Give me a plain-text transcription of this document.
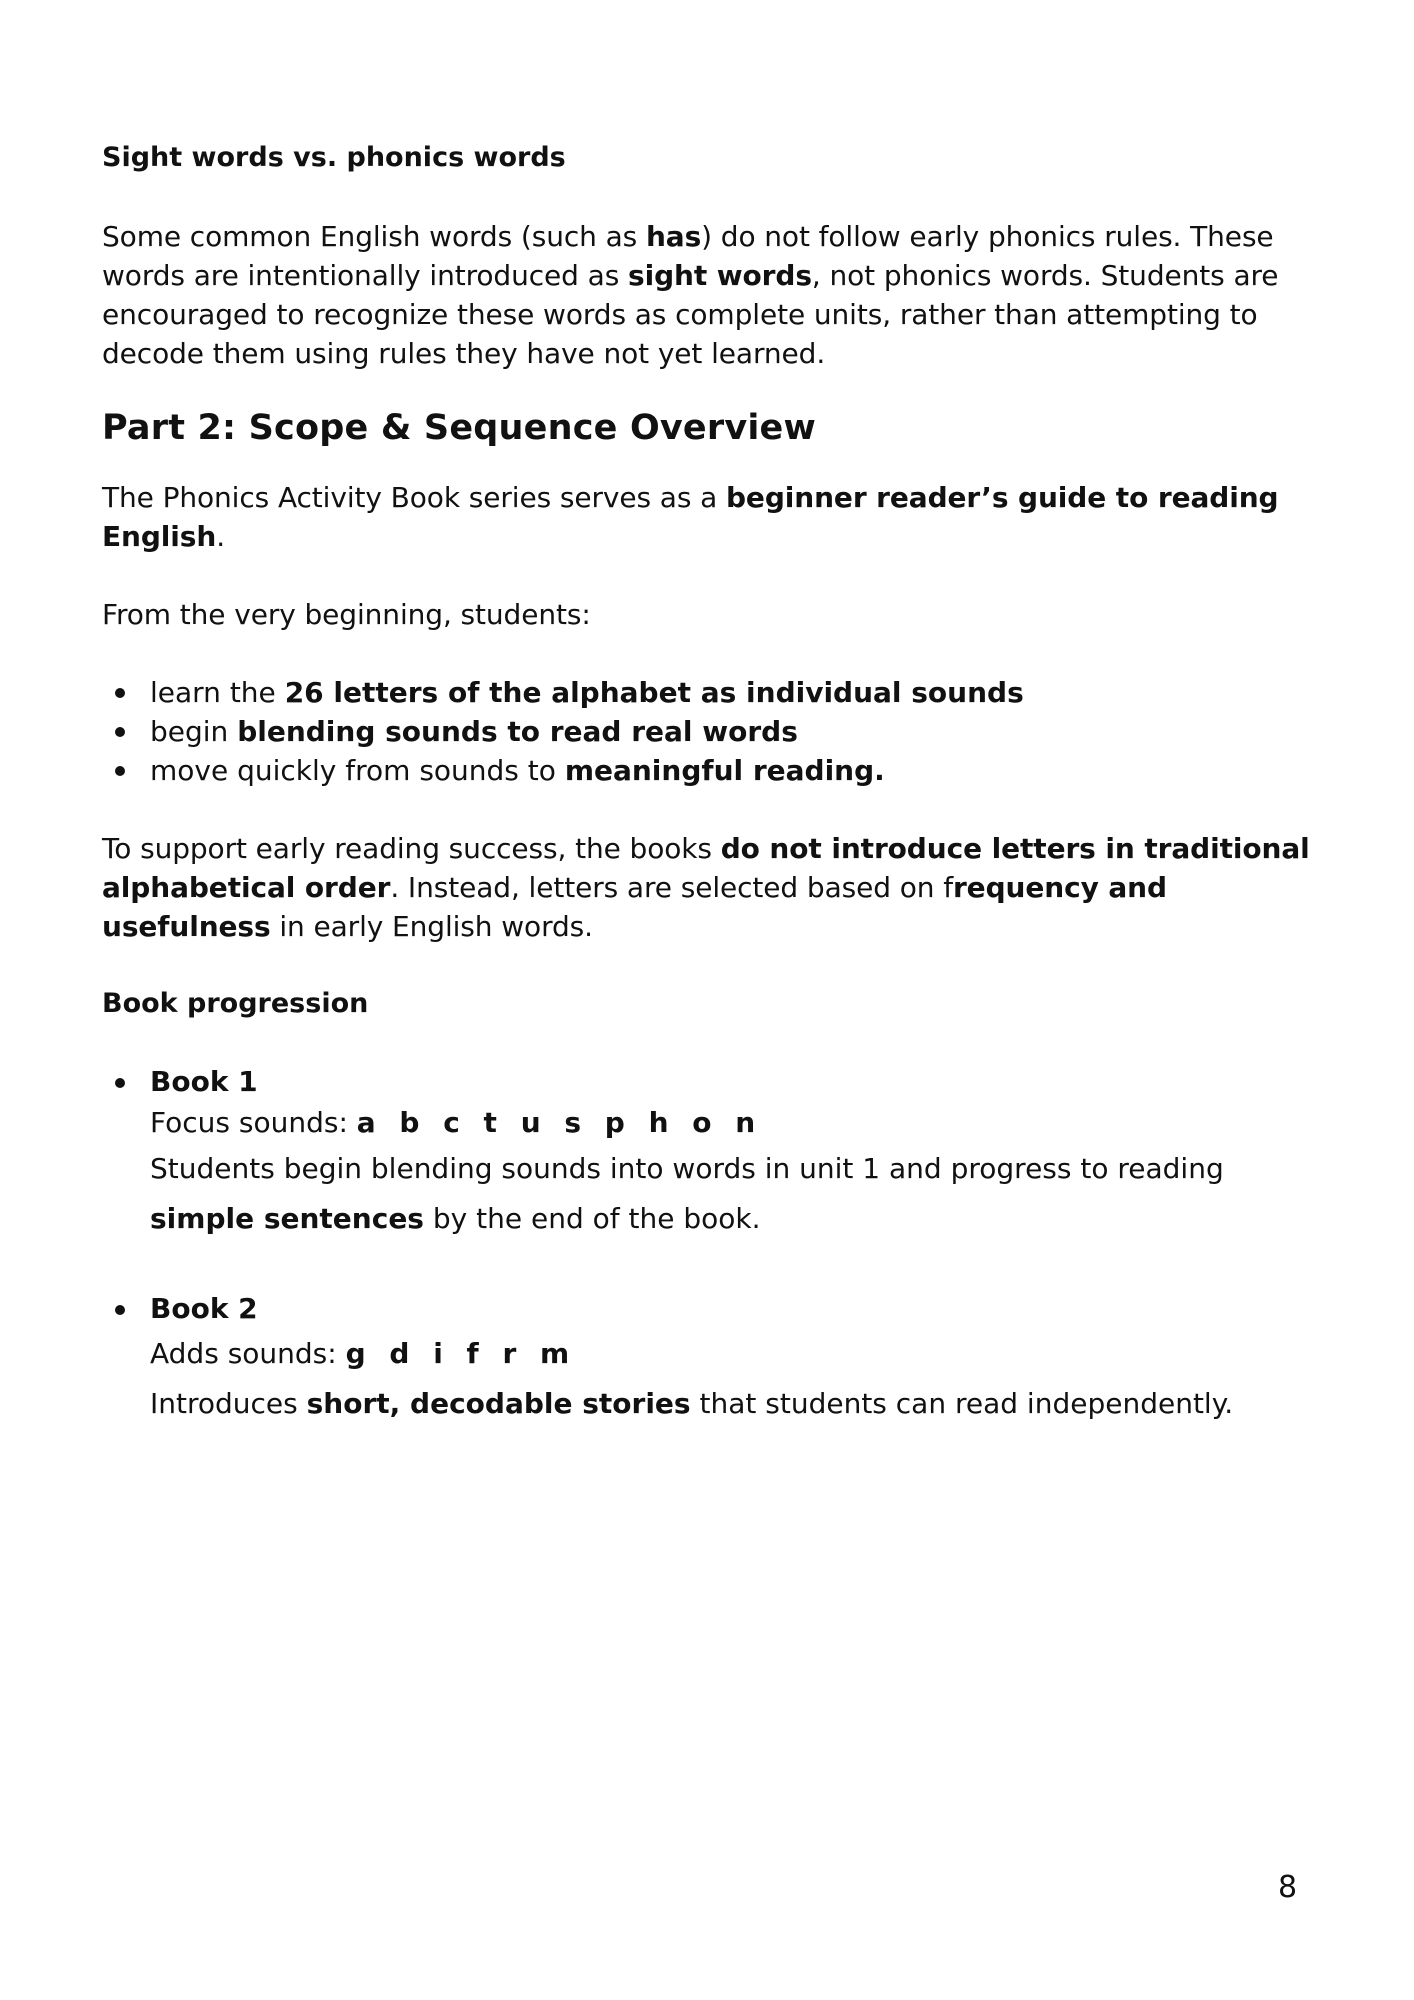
Sight words vs. phonics words

Some common English words (such as has) do not follow early phonics rules. These words are intentionally introduced as sight words, not phonics words. Students are encouraged to recognize these words as complete units, rather than attempting to decode them using rules they have not yet learned.

Part 2: Scope & Sequence Overview

The Phonics Activity Book series serves as a beginner reader’s guide to reading English.

From the very beginning, students:

learn the 26 letters of the alphabet as individual sounds
begin blending sounds to read real words
move quickly from sounds to meaningful reading.

To support early reading success, the books do not introduce letters in traditional alphabetical order. Instead, letters are selected based on frequency and usefulness in early English words.

Book progression

Book 1

Focus sounds: a b c t u s p h o n

Students begin blending sounds into words in unit 1 and progress to reading simple sentences by the end of the book.

Book 2

Adds sounds: g d i f r m

Introduces short, decodable stories that students can read independently.

8
